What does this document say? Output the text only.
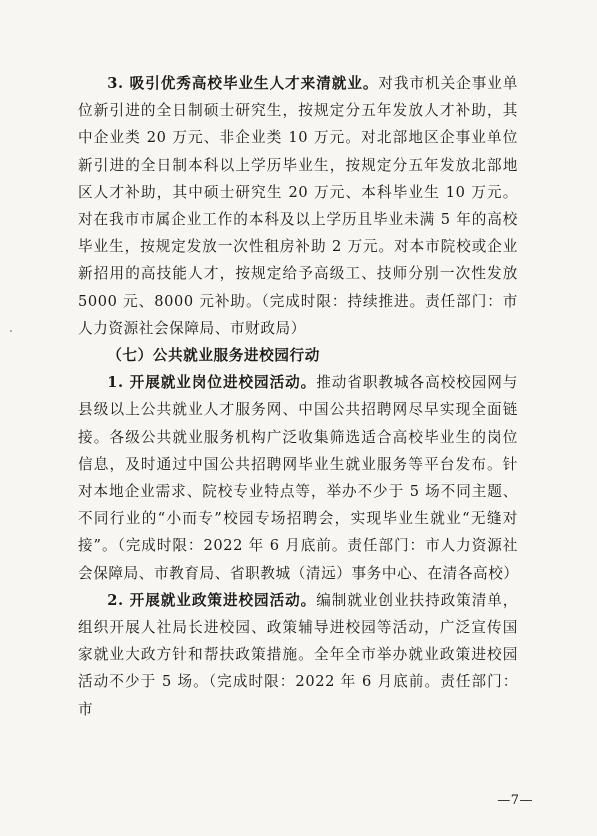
3. 吸引优秀高校毕业生人才来清就业。对我市机关企事业单位新引进的全日制硕士研究生，按规定分五年发放人才补助，其中企业类 20 万元、非企业类 10 万元。对北部地区企事业单位新引进的全日制本科以上学历毕业生，按规定分五年发放北部地区人才补助，其中硕士研究生 20 万元、本科毕业生 10 万元。对在我市市属企业工作的本科及以上学历且毕业未满 5 年的高校毕业生，按规定发放一次性租房补助 2 万元。对本市院校或企业新招用的高技能人才，按规定给予高级工、技师分别一次性发放 5000 元、8000 元补助。（完成时限：持续推进。责任部门：市人力资源社会保障局、市财政局）

（七）公共就业服务进校园行动

1. 开展就业岗位进校园活动。推动省职教城各高校校园网与县级以上公共就业人才服务网、中国公共招聘网尽早实现全面链接。各级公共就业服务机构广泛收集筛选适合高校毕业生的岗位信息，及时通过中国公共招聘网毕业生就业服务等平台发布。针对本地企业需求、院校专业特点等，举办不少于 5 场不同主题、不同行业的“小而专”校园专场招聘会，实现毕业生就业“无缝对接”。（完成时限：2022 年 6 月底前。责任部门：市人力资源社会保障局、市教育局、省职教城（清远）事务中心、在清各高校）

2. 开展就业政策进校园活动。编制就业创业扶持政策清单，组织开展人社局长进校园、政策辅导进校园等活动，广泛宣传国家就业大政方针和帮扶政策措施。全年全市举办就业政策进校园活动不少于 5 场。（完成时限：2022 年 6 月底前。责任部门：市

—7—
